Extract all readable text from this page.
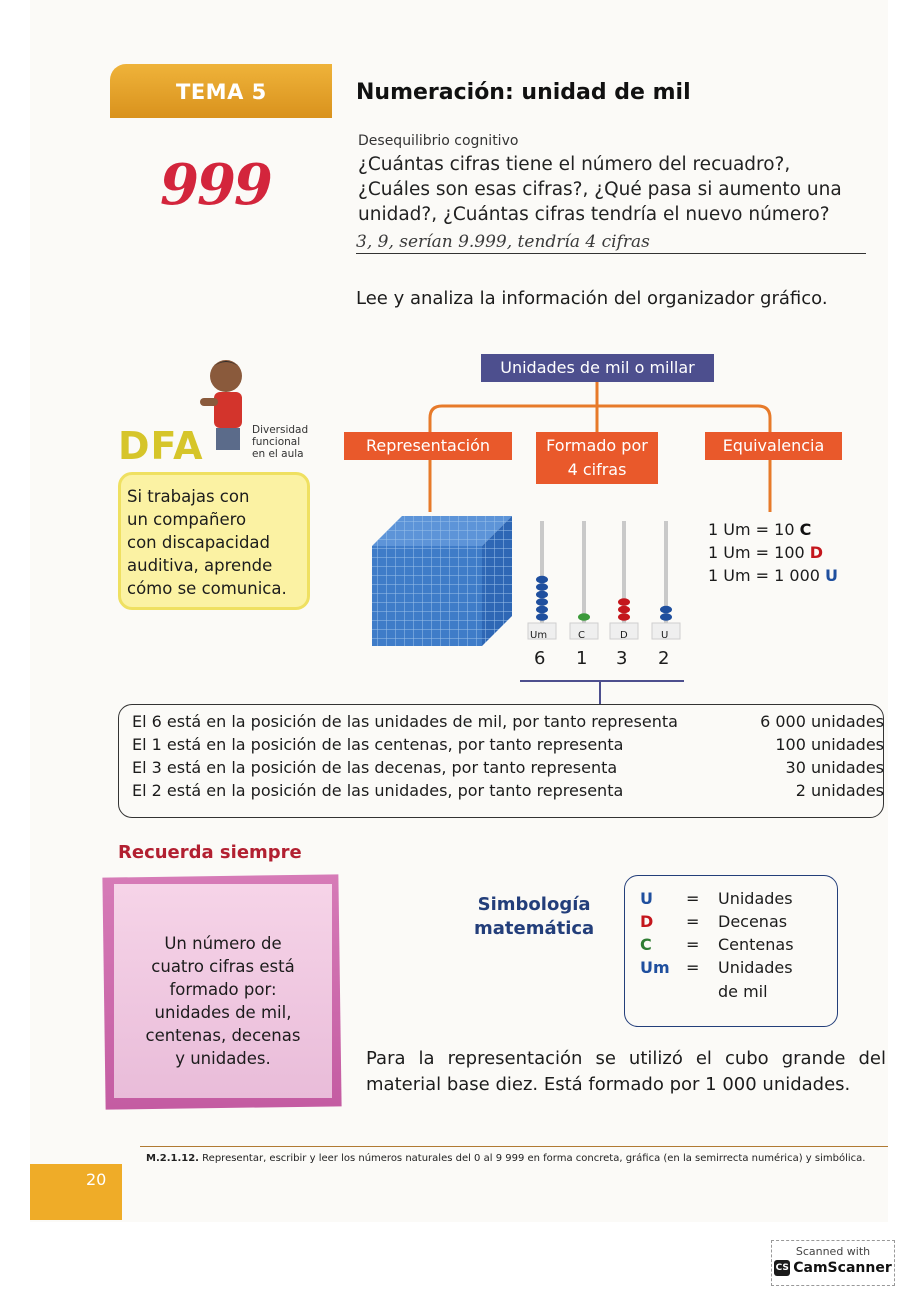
TEMA 5	Numeración: unidad de mil
999
Desequilibrio cognitivo
¿Cuántas cifras tiene el número del recuadro?,
¿Cuáles son esas cifras?, ¿Qué pasa si aumento una
unidad?, ¿Cuántas cifras tendría el nuevo número?
3, 9, serían 9.999, tendría 4 cifras
Lee y analiza la información del organizador gráfico.
DFA	Diversidad
funcional
en el aula
Si trabajas con
un compañero
con discapacidad
auditiva, aprende
cómo se comunica.
Unidades de mil o millar
Representación	Formado por
4 cifras
Equivalencia
Um	C	D	U
6 1 3 2
1 Um = 10 C
1 Um = 100 D
1 Um = 1 000 U
El 6 está en la posición de las unidades de mil, por tanto representa	6 000 unidades
El 1 está en la posición de las centenas, por tanto representa	100 unidades
El 3 está en la posición de las decenas, por tanto representa	30 unidades
El 2 está en la posición de las unidades, por tanto representa	2 unidades
Recuerda siempre
Un número de
cuatro cifras está
formado por:
unidades de mil,
centenas, decenas
y unidades.
Simbología
matemática
U = Unidades
D = Decenas
C = Centenas
Um = Unidades
de mil
Para la representación se utilizó el cubo grande del material base diez. Está formado por 1 000 unidades.
M.2.1.12. Representar, escribir y leer los números naturales del 0 al 9 999 en forma concreta, gráfica (en la semirrecta numérica) y simbólica.
20
Scanned with
CS CamScanner
